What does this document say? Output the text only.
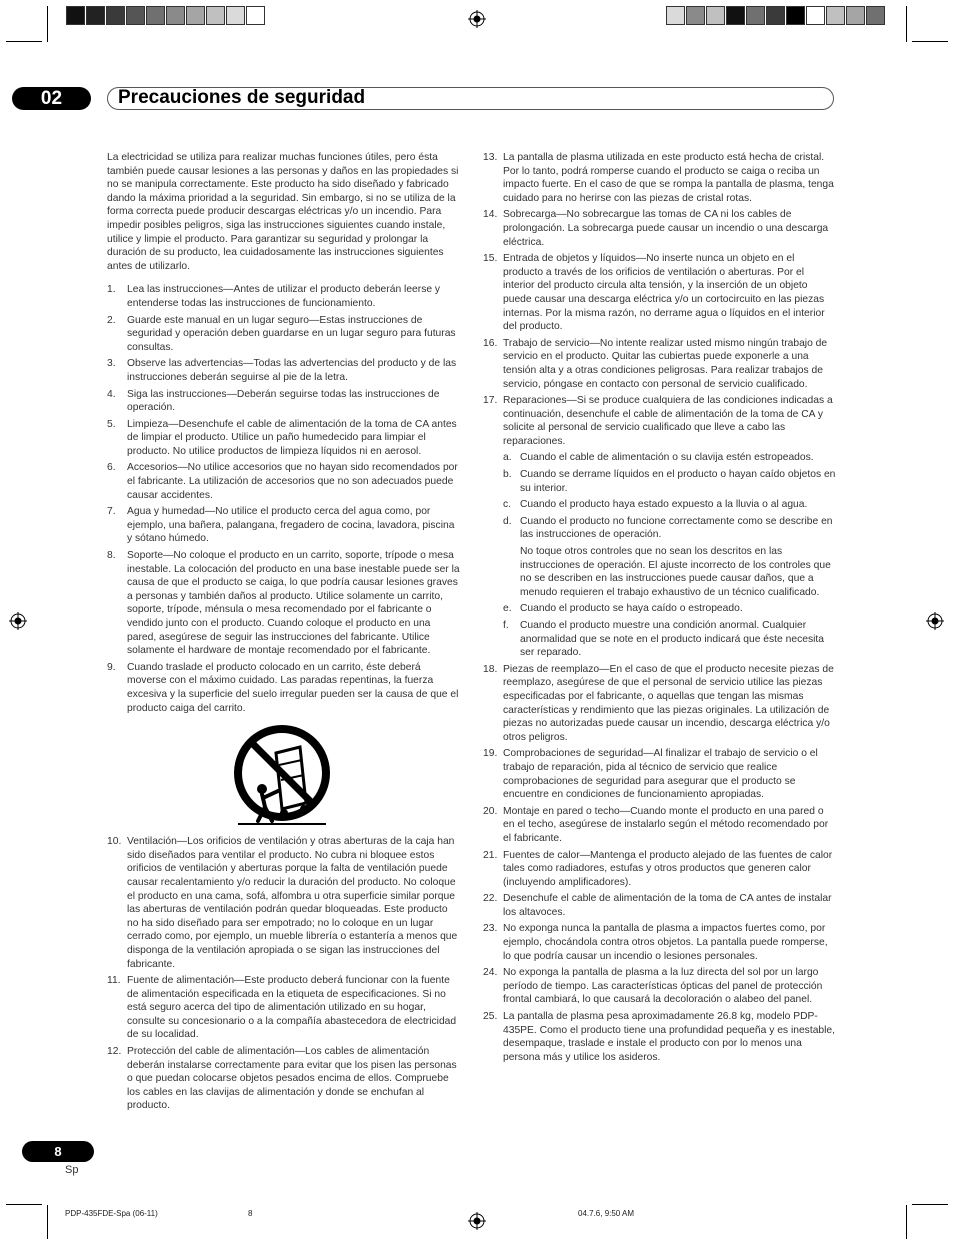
02	Precauciones de seguridad

La electricidad se utiliza para realizar muchas funciones útiles, pero ésta también puede causar lesiones a las personas y daños en las propiedades si no se manipula correctamente. Este producto ha sido diseñado y fabricado dando la máxima prioridad a la seguridad. Sin embargo, si no se utiliza de la forma correcta puede producir descargas eléctricas y/o un incendio. Para impedir posibles peligros, siga las instrucciones siguientes cuando instale, utilice y limpie el producto. Para garantizar su seguridad y prolongar la duración de su producto, lea cuidadosamente las instrucciones siguientes antes de utilizarlo.

1. Lea las instrucciones—Antes de utilizar el producto deberán leerse y entenderse todas las instrucciones de funcionamiento.
2. Guarde este manual en un lugar seguro—Estas instrucciones de seguridad y operación deben guardarse en un lugar seguro para futuras consultas.
3. Observe las advertencias—Todas las advertencias del producto y de las instrucciones deberán seguirse al pie de la letra.
4. Siga las instrucciones—Deberán seguirse todas las instrucciones de operación.
5. Limpieza—Desenchufe el cable de alimentación de la toma de CA antes de limpiar el producto. Utilice un paño humedecido para limpiar el producto. No utilice productos de limpieza líquidos ni en aerosol.
6. Accesorios—No utilice accesorios que no hayan sido recomendados por el fabricante. La utilización de accesorios que no son adecuados puede causar accidentes.
7. Agua y humedad—No utilice el producto cerca del agua como, por ejemplo, una bañera, palangana, fregadero de cocina, lavadora, piscina y sótano húmedo.
8. Soporte—No coloque el producto en un carrito, soporte, trípode o mesa inestable. La colocación del producto en una base inestable puede ser la causa de que el producto se caiga, lo que podría causar lesiones graves a personas y también daños al producto. Utilice solamente un carrito, soporte, trípode, ménsula o mesa recomendado por el fabricante o vendido junto con el producto. Cuando coloque el producto en una pared, asegúrese de seguir las instrucciones del fabricante. Utilice solamente el hardware de montaje recomendado por el fabricante.
9. Cuando traslade el producto colocado en un carrito, éste deberá moverse con el máximo cuidado. Las paradas repentinas, la fuerza excesiva y la superficie del suelo irregular pueden ser la causa de que el producto caiga del carrito.
10. Ventilación—Los orificios de ventilación y otras aberturas de la caja han sido diseñados para ventilar el producto. No cubra ni bloquee estos orificios de ventilación y aberturas porque la falta de ventilación puede causar recalentamiento y/o reducir la duración del producto. No coloque el producto en una cama, sofá, alfombra u otra superficie similar porque las aberturas de ventilación podrán quedar bloqueadas. Este producto no ha sido diseñado para ser empotrado; no lo coloque en un lugar cerrado como, por ejemplo, un mueble librería o estantería a menos que disponga de la ventilación apropiada o se sigan las instrucciones del fabricante.
11. Fuente de alimentación—Este producto deberá funcionar con la fuente de alimentación especificada en la etiqueta de especificaciones. Si no está seguro acerca del tipo de alimentación utilizado en su hogar, consulte su concesionario o a la compañía abastecedora de electricidad de su localidad.
12. Protección del cable de alimentación—Los cables de alimentación deberán instalarse correctamente para evitar que los pisen las personas o que puedan colocarse objetos pesados encima de ellos. Compruebe los cables en las clavijas de alimentación y donde se enchufan al producto.
13. La pantalla de plasma utilizada en este producto está hecha de cristal. Por lo tanto, podrá romperse cuando el producto se caiga o reciba un impacto fuerte. En el caso de que se rompa la pantalla de plasma, tenga cuidado para no herirse con las piezas de cristal rotas.
14. Sobrecarga—No sobrecargue las tomas de CA ni los cables de prolongación. La sobrecarga puede causar un incendio o una descarga eléctrica.
15. Entrada de objetos y líquidos—No inserte nunca un objeto en el producto a través de los orificios de ventilación o aberturas. Por el interior del producto circula alta tensión, y la inserción de un objeto puede causar una descarga eléctrica y/o un cortocircuito en las piezas internas. Por la misma razón, no derrame agua o líquidos en el interior del producto.
16. Trabajo de servicio—No intente realizar usted mismo ningún trabajo de servicio en el producto. Quitar las cubiertas puede exponerle a una tensión alta y a otras condiciones peligrosas. Para realizar trabajos de servicio, póngase en contacto con personal de servicio cualificado.
17. Reparaciones—Si se produce cualquiera de las condiciones indicadas a continuación, desenchufe el cable de alimentación de la toma de CA y solicite al personal de servicio cualificado que lleve a cabo las reparaciones.
a. Cuando el cable de alimentación o su clavija estén estropeados.
b. Cuando se derrame líquidos en el producto o hayan caído objetos en su interior.
c. Cuando el producto haya estado expuesto a la lluvia o al agua.
d. Cuando el producto no funcione correctamente como se describe en las instrucciones de operación.
No toque otros controles que no sean los descritos en las instrucciones de operación. El ajuste incorrecto de los controles que no se describen en las instrucciones puede causar daños, que a menudo requieren el trabajo exhaustivo de un técnico cualificado.
e. Cuando el producto se haya caído o estropeado.
f. Cuando el producto muestre una condición anormal. Cualquier anormalidad que se note en el producto indicará que éste necesita ser reparado.
18. Piezas de reemplazo—En el caso de que el producto necesite piezas de reemplazo, asegúrese de que el personal de servicio utilice las piezas especificadas por el fabricante, o aquellas que tengan las mismas características y rendimiento que las piezas originales. La utilización de piezas no autorizadas puede causar un incendio, descarga eléctrica y/o otros peligros.
19. Comprobaciones de seguridad—Al finalizar el trabajo de servicio o el trabajo de reparación, pida al técnico de servicio que realice comprobaciones de seguridad para asegurar que el producto se encuentre en condiciones de funcionamiento apropiadas.
20. Montaje en pared o techo—Cuando monte el producto en una pared o en el techo, asegúrese de instalarlo según el método recomendado por el fabricante.
21. Fuentes de calor—Mantenga el producto alejado de las fuentes de calor tales como radiadores, estufas y otros productos que generen calor (incluyendo amplificadores).
22. Desenchufe el cable de alimentación de la toma de CA antes de instalar los altavoces.
23. No exponga nunca la pantalla de plasma a impactos fuertes como, por ejemplo, chocándola contra otros objetos. La pantalla puede romperse, lo que podría causar un incendio o lesiones personales.
24. No exponga la pantalla de plasma a la luz directa del sol por un largo período de tiempo. Las características ópticas del panel de protección frontal cambiará, lo que causará la decoloración o alabeo del panel.
25. La pantalla de plasma pesa aproximadamente 26.8 kg, modelo PDP-435PE. Como el producto tiene una profundidad pequeña y es inestable, desempaque, traslade e instale el producto con por lo menos una persona más y utilice los asideros.
8
Sp
PDP-435FDE-Spa (06-11)	8	04.7.6, 9:50 AM
